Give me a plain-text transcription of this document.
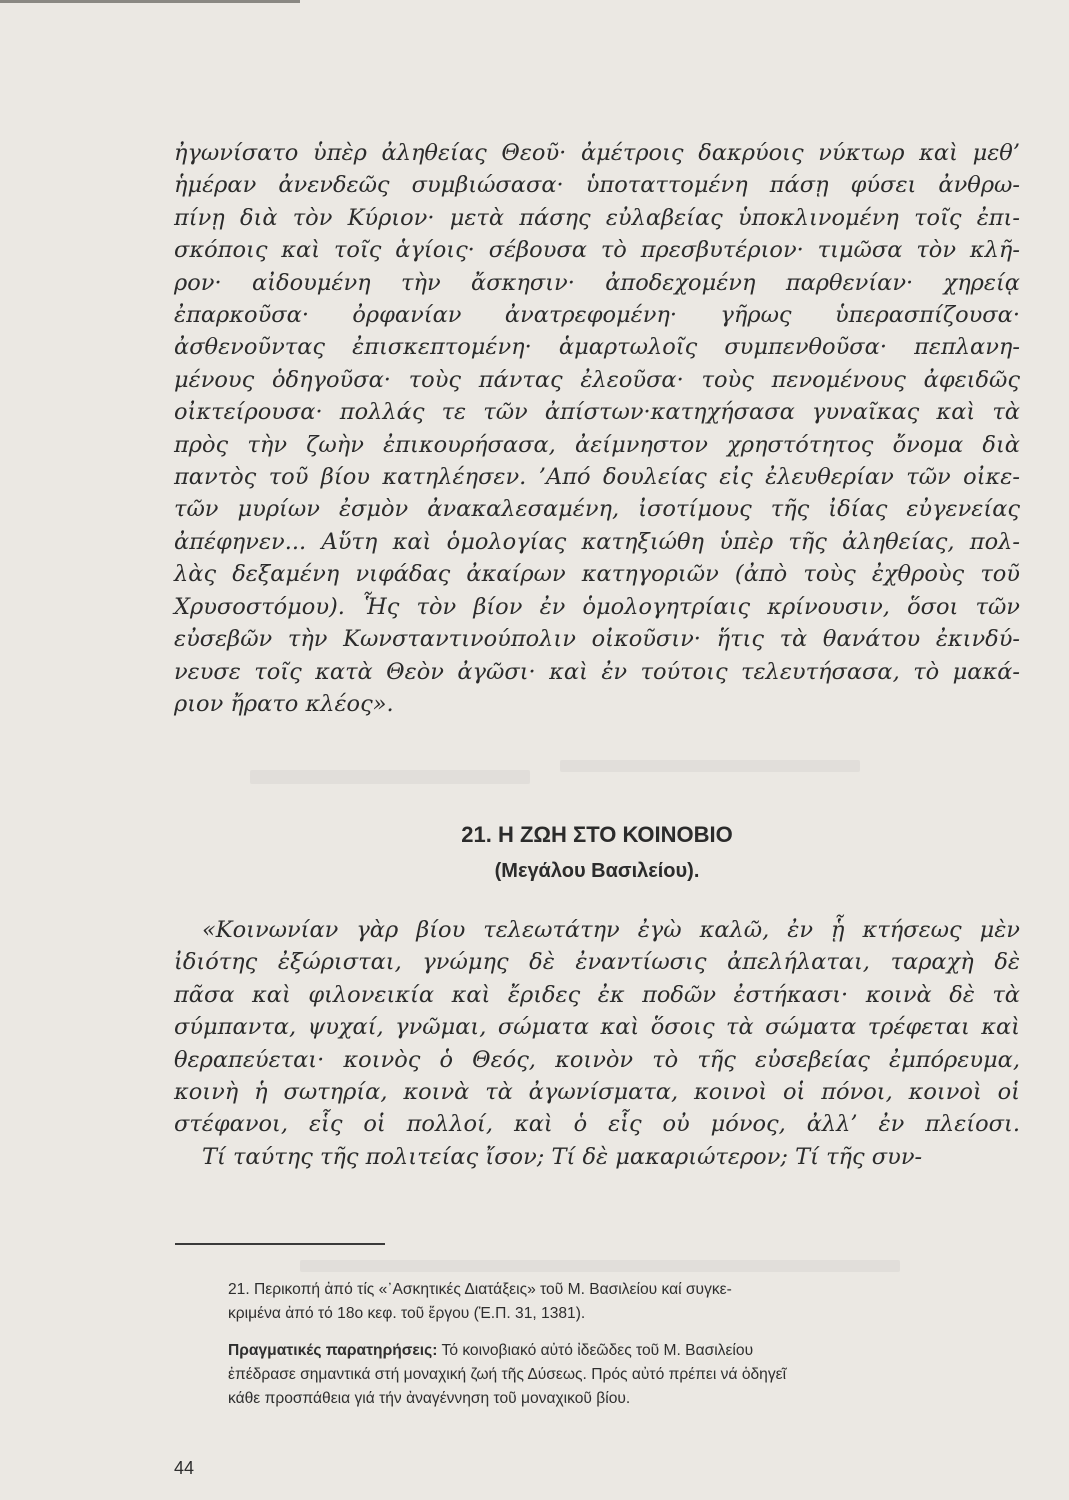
ἠγωνίσατο ὑπὲρ ἀληθείας Θεοῦ· ἀμέτροις δακρύοις νύκτωρ καὶ μεθ’
ἡμέραν ἀνενδεῶς συμβιώσασα· ὑποταττομένη πάσῃ φύσει ἀνθρω-
πίνῃ διὰ τὸν Κύριον· μετὰ πάσης εὐλαβείας ὑποκλινομένη τοῖς ἐπι-
σκόποις καὶ τοῖς ἁγίοις· σέβουσα τὸ πρεσβυτέριον· τιμῶσα τὸν κλῆ-
ρον· αἰδουμένη τὴν ἄσκησιν· ἀποδεχομένη παρθενίαν· χηρείᾳ
ἐπαρκοῦσα· ὀρφανίαν ἀνατρεφομένη· γῆρως ὑπερασπίζουσα·
ἀσθενοῦντας ἐπισκεπτομένη· ἁμαρτωλοῖς συμπενθοῦσα· πεπλανη-
μένους ὁδηγοῦσα· τοὺς πάντας ἐλεοῦσα· τοὺς πενομένους ἀφειδῶς
οἰκτείρουσα· πολλάς τε τῶν ἀπίστων·κατηχήσασα γυναῖκας καὶ τὰ
πρὸς τὴν ζωὴν ἐπικουρήσασα, ἀείμνηστον χρηστότητος ὄνομα διὰ
παντὸς τοῦ βίου κατηλέησεν. ’Από δουλείας εἰς ἐλευθερίαν τῶν οἰκε-
τῶν μυρίων ἐσμὸν ἀνακαλεσαμένη, ἰσοτίμους τῆς ἰδίας εὐγενείας
ἀπέφηνεν... Αὕτη καὶ ὁμολογίας κατηξιώθη ὑπὲρ τῆς ἀληθείας, πολ-
λὰς δεξαμένη νιφάδας ἀκαίρων κατηγοριῶν (ἀπὸ τοὺς ἐχθροὺς τοῦ
Χρυσοστόμου). Ἧς τὸν βίον ἐν ὁμολογητρίαις κρίνουσιν, ὅσοι τῶν
εὐσεβῶν τὴν Κωνσταντινούπολιν οἰκοῦσιν· ἥτις τὰ θανάτου ἐκινδύ-
νευσε τοῖς κατὰ Θεὸν ἀγῶσι· καὶ ἐν τούτοις τελευτήσασα, τὸ μακά-
ριον ἤρατο κλέος».
21. Η ΖΩΗ ΣΤΟ ΚΟΙΝΟΒΙΟ
(Μεγάλου Βασιλείου).
«Κοινωνίαν γὰρ βίου τελεωτάτην ἐγὼ καλῶ, ἐν ᾗ κτήσεως μὲν
ἰδιότης ἐξώρισται, γνώμης δὲ ἐναντίωσις ἀπελήλαται, ταραχὴ δὲ
πᾶσα καὶ φιλονεικία καὶ ἔριδες ἐκ ποδῶν ἐστήκασι· κοινὰ δὲ τὰ
σύμπαντα, ψυχαί, γνῶμαι, σώματα καὶ ὅσοις τὰ σώματα τρέφεται καὶ
θεραπεύεται· κοινὸς ὁ Θεός, κοινὸν τὸ τῆς εὐσεβείας ἐμπόρευμα,
κοινὴ ἡ σωτηρία, κοινὰ τὰ ἀγωνίσματα, κοινοὶ οἱ πόνοι, κοινοὶ οἱ
στέφανοι, εἷς οἱ πολλοί, καὶ ὁ εἷς οὐ μόνος, ἀλλ’ ἐν πλείοσι.
Τί ταύτης τῆς πολιτείας ἴσον; Τί δὲ μακαριώτερον; Τί τῆς συν-
21. Περικοπή ἀπό τίς «᾿Ασκητικές Διατάξεις» τοῦ Μ. Βασιλείου καί συγκε-
κριμένα ἀπό τό 18ο κεφ. τοῦ ἔργου (Ἑ.Π. 31, 1381).
Πραγματικές παρατηρήσεις: Τό κοινοβιακό αὐτό ἰδεῶδες τοῦ Μ. Βασιλείου
ἐπέδρασε σημαντικά στή μοναχική ζωή τῆς Δύσεως. Πρός αὐτό πρέπει νά ὁδηγεῖ
κάθε προσπάθεια γιά τήν ἀναγέννηση τοῦ μοναχικοῦ βίου.
44
